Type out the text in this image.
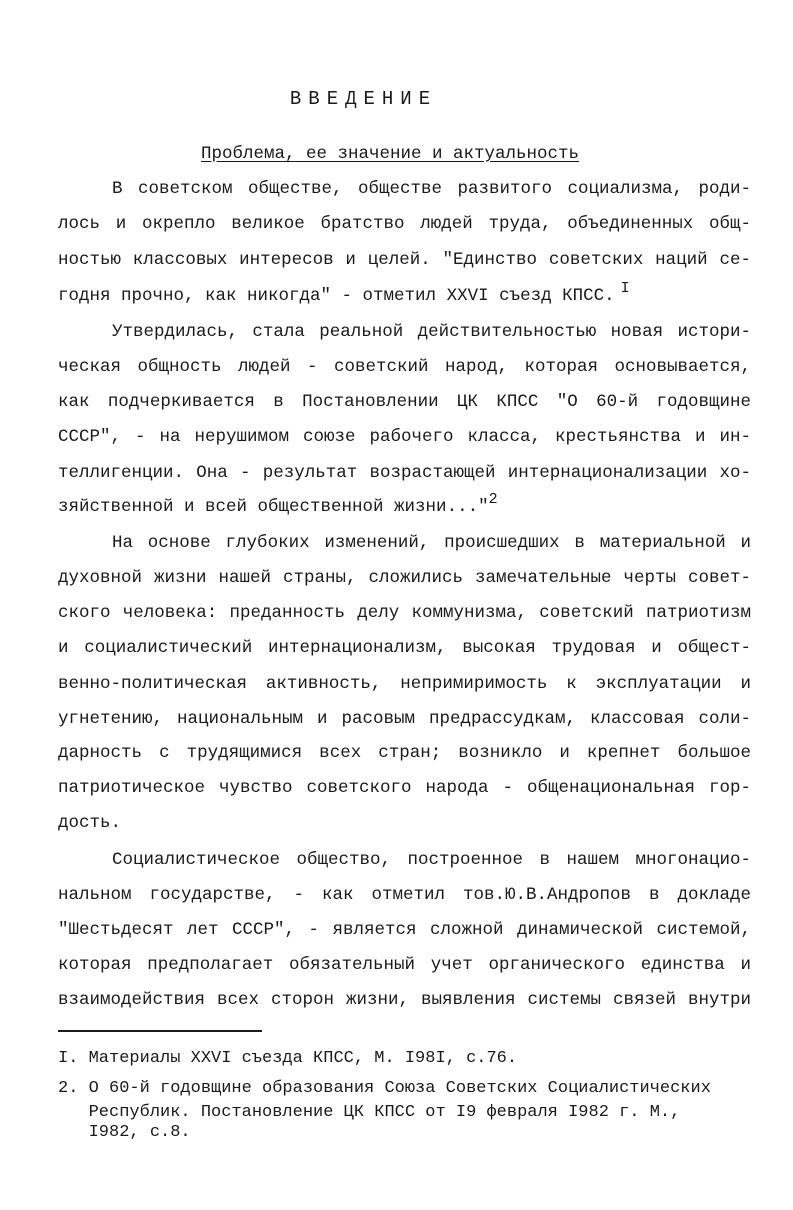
ВВЕДЕНИЕ
Проблема, ее значение и актуальность
В советском обществе, обществе развитого социализма, роди-
лось и окрепло великое братство людей труда, объединенных общ-
ностью классовых интересов и целей. "Единство советских наций се-
годня прочно, как никогда" - отметил ХХVI съезд КПСС. I
Утвердилась, стала реальной действительностью новая истори-
ческая общность людей - советский народ, которая основывается,
как подчеркивается в Постановлении ЦК КПСС "О 60-й годовщине
СССР", - на нерушимом союзе рабочего класса, крестьянства и ин-
теллигенции. Она - результат возрастающей интернационализации хо-
зяйственной и всей общественной жизни..."2
На основе глубоких изменений, происшедших в материальной и
духовной жизни нашей страны, сложились замечательные черты совет-
ского человека: преданность делу коммунизма, советский патриотизм
и социалистический интернационализм, высокая трудовая и общест-
венно-политическая активность, непримиримость к эксплуатации и
угнетению, национальным и расовым предрассудкам, классовая соли-
дарность с трудящимися всех стран; возникло и крепнет большое
патриотическое чувство советского народа - общенациональная гор-
дость.
Социалистическое общество, построенное в нашем многонацио-
нальном государстве, - как отметил тов.Ю.В.Андропов в докладе
"Шестьдесят лет СССР", - является сложной динамической системой,
которая предполагает обязательный учет органического единства и
взаимодействия всех сторон жизни, выявления системы связей внутри
I. Материалы ХХVI съезда КПСС, М. I98I, с.76.
2. О 60-й годовщине образования Союза Советских Социалистических
Республик. Постановление ЦК КПСС от I9 февраля I982 г. М.,
I982, с.8.
